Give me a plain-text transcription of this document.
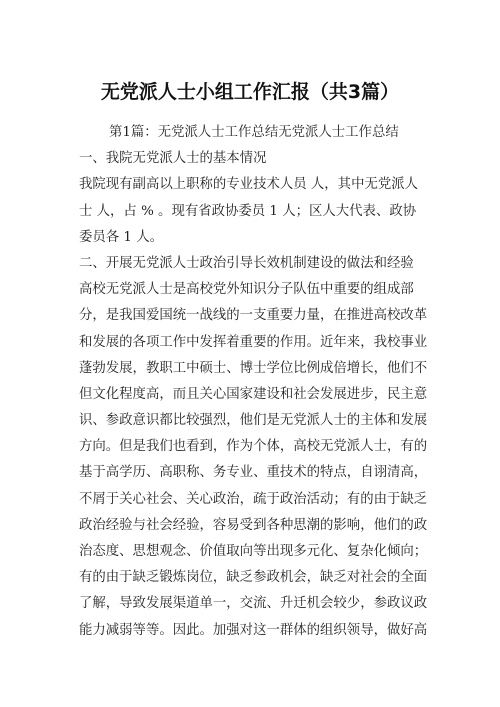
无党派人士小组工作汇报（共3篇）
第1篇：无党派人士工作总结无党派人士工作总结
一、我院无党派人士的基本情况
我院现有副高以上职称的专业技术人员 人，其中无党派人
士 人，占 % 。现有省政协委员 1 人；区人大代表、政协
委员各 1 人。
二、开展无党派人士政治引导长效机制建设的做法和经验
高校无党派人士是高校党外知识分子队伍中重要的组成部
分，是我国爱国统一战线的一支重要力量，在推进高校改革
和发展的各项工作中发挥着重要的作用。近年来，我校事业
蓬勃发展，教职工中硕士、博士学位比例成倍增长，他们不
但文化程度高，而且关心国家建设和社会发展进步，民主意
识、参政意识都比较强烈，他们是无党派人士的主体和发展
方向。但是我们也看到，作为个体，高校无党派人士，有的
基于高学历、高职称、务专业、重技术的特点，自诩清高，
不屑于关心社会、关心政治，疏于政治活动；有的由于缺乏
政治经验与社会经验，容易受到各种思潮的影响，他们的政
治态度、思想观念、价值取向等出现多元化、复杂化倾向；
有的由于缺乏锻炼岗位，缺乏参政机会，缺乏对社会的全面
了解，导致发展渠道单一，交流、升迁机会较少，参政议政
能力减弱等等。因此。加强对这一群体的组织领导，做好高
